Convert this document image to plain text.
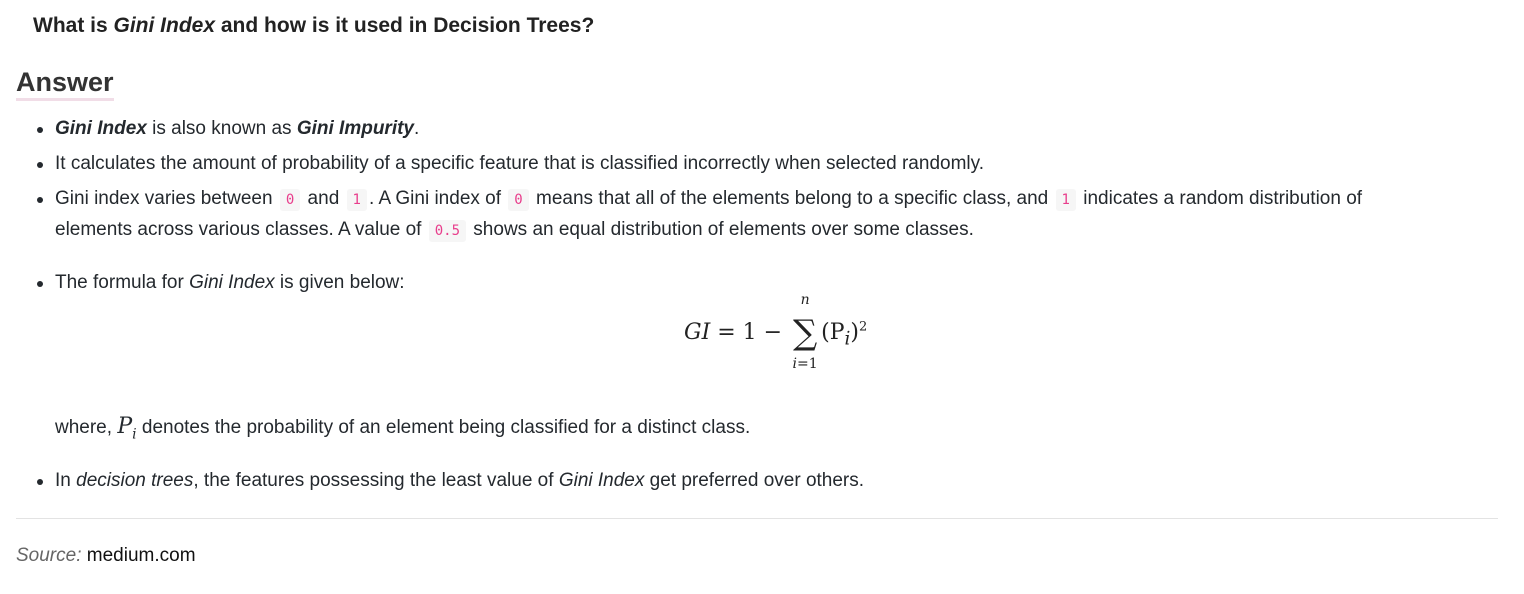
What is Gini Index and how is it used in Decision Trees?
Answer
Gini Index is also known as Gini Impurity.
It calculates the amount of probability of a specific feature that is classified incorrectly when selected randomly.
Gini index varies between 0 and 1 . A Gini index of 0 means that all of the elements belong to a specific class, and 1 indicates a random distribution of elements across various classes. A value of 0.5 shows an equal distribution of elements over some classes.
The formula for Gini Index is given below:
GI = 1 −
n
∑
i=1
$(P_i)^2$
where, $P_i$ denotes the probability of an element being classified for a distinct class.
In decision trees, the features possessing the least value of Gini Index get preferred over others.
Source: medium.com
